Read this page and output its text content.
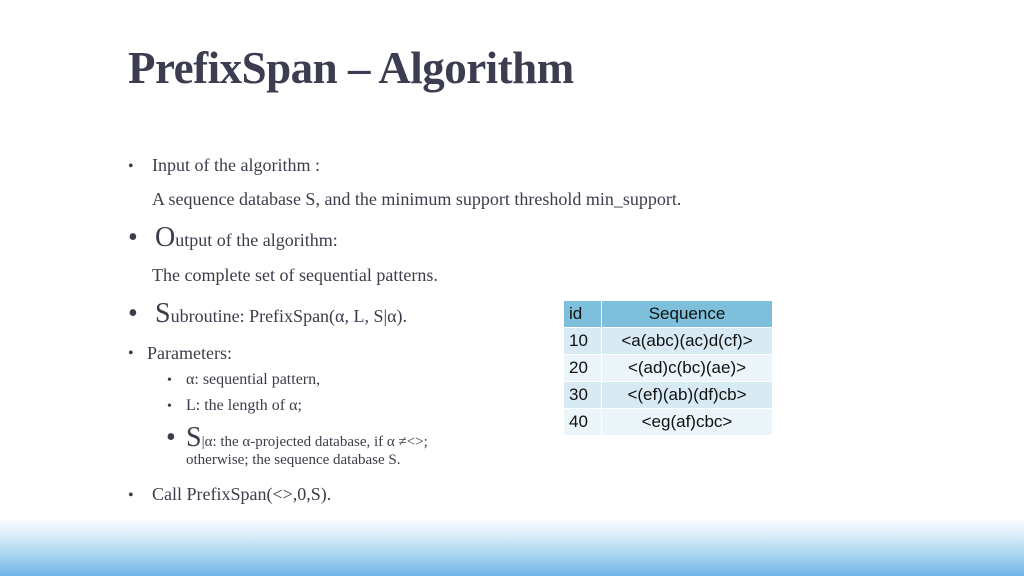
PrefixSpan – Algorithm
• Input of the algorithm :
A sequence database S, and the minimum support threshold min_support.
• Output of the algorithm:
The complete set of sequential patterns.
• Subroutine: PrefixSpan(α, L, S|α).
• Parameters:
• α: sequential pattern,
• L: the length of α;
• S|α: the α-projected database, if α ≠<>;
otherwise; the sequence database S.
• Call PrefixSpan(<>,0,S).
id	Sequence
10	<a(abc)(ac)d(cf)>
20	<(ad)c(bc)(ae)>
30	<(ef)(ab)(df)cb>
40	<eg(af)cbc>
